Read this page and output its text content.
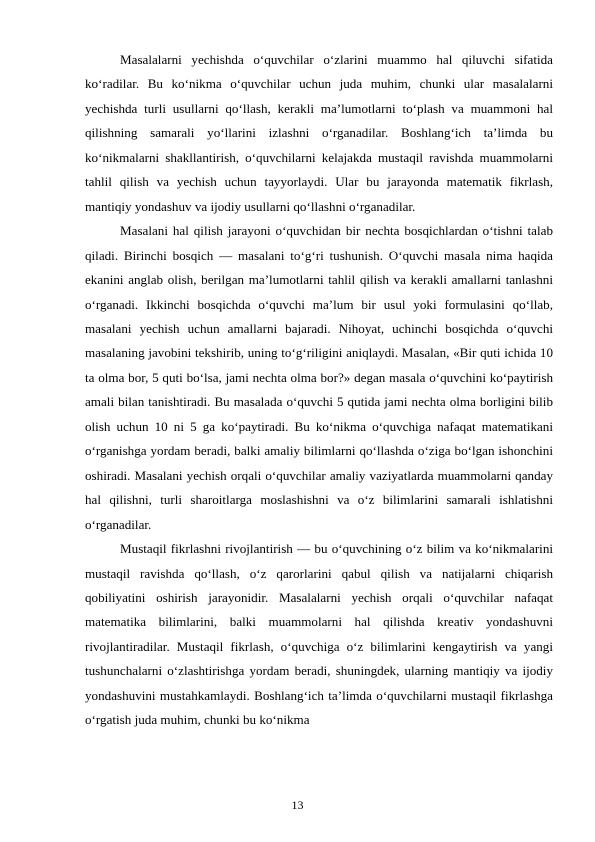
Masalalarni yechishda o‘quvchilar o‘zlarini muammo hal qiluvchi sifatida ko‘radilar. Bu ko‘nikma o‘quvchilar uchun juda muhim, chunki ular masalalarni yechishda turli usullarni qo‘llash, kerakli ma’lumotlarni to‘plash va muammoni hal qilishning samarali yo‘llarini izlashni o‘rganadilar. Boshlang‘ich ta’limda bu ko‘nikmalarni shakllantirish, o‘quvchilarni kelajakda mustaqil ravishda muammolarni tahlil qilish va yechish uchun tayyorlaydi. Ular bu jarayonda matematik fikrlash, mantiqiy yondashuv va ijodiy usullarni qo‘llashni o‘rganadilar.

Masalani hal qilish jarayoni o‘quvchidan bir nechta bosqichlardan o‘tishni talab qiladi. Birinchi bosqich — masalani to‘g‘ri tushunish. O‘quvchi masala nima haqida ekanini anglab olish, berilgan ma’lumotlarni tahlil qilish va kerakli amallarni tanlashni o‘rganadi. Ikkinchi bosqichda o‘quvchi ma’lum bir usul yoki formulasini qo‘llab, masalani yechish uchun amallarni bajaradi. Nihoyat, uchinchi bosqichda o‘quvchi masalaning javobini tekshirib, uning to‘g‘riligini aniqlaydi. Masalan, «Bir quti ichida 10 ta olma bor, 5 quti bo‘lsa, jami nechta olma bor?» degan masala o‘quvchini ko‘paytirish amali bilan tanishtiradi. Bu masalada o‘quvchi 5 qutida jami nechta olma borligini bilib olish uchun 10 ni 5 ga ko‘paytiradi. Bu ko‘nikma o‘quvchiga nafaqat matematikani o‘rganishga yordam beradi, balki amaliy bilimlarni qo‘llashda o‘ziga bo‘lgan ishonchini oshiradi. Masalani yechish orqali o‘quvchilar amaliy vaziyatlarda muammolarni qanday hal qilishni, turli sharoitlarga moslashishni va o‘z bilimlarini samarali ishlatishni o‘rganadilar.

Mustaqil fikrlashni rivojlantirish — bu o‘quvchining o‘z bilim va ko‘nikmalarini mustaqil ravishda qo‘llash, o‘z qarorlarini qabul qilish va natijalarni chiqarish qobiliyatini oshirish jarayonidir. Masalalarni yechish orqali o‘quvchilar nafaqat matematika bilimlarini, balki muammolarni hal qilishda kreativ yondashuvni rivojlantiradilar. Mustaqil fikrlash, o‘quvchiga o‘z bilimlarini kengaytirish va yangi tushunchalarni o‘zlashtirishga yordam beradi, shuningdek, ularning mantiqiy va ijodiy yondashuvini mustahkamlaydi. Boshlang‘ich ta’limda o‘quvchilarni mustaqil fikrlashga o‘rgatish juda muhim, chunki bu ko‘nikma

13
